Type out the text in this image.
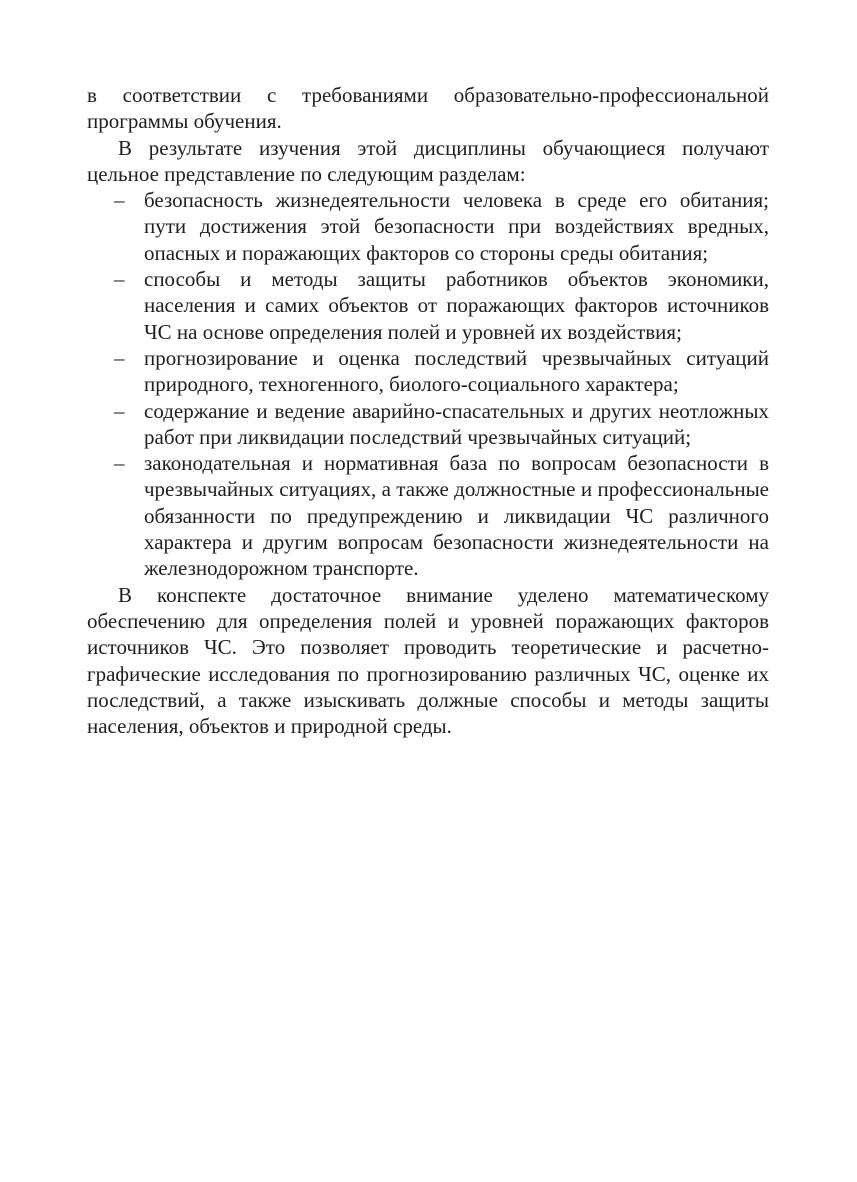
в соответствии с требованиями образовательно-профессиональной программы обучения.

В результате изучения этой дисциплины обучающиеся получают цельное представление по следующим разделам:

– безопасность жизнедеятельности человека в среде его обитания; пути достижения этой безопасности при воздействиях вредных, опасных и поражающих факторов со стороны среды обитания;
– способы и методы защиты работников объектов экономики, населения и самих объектов от поражающих факторов источников ЧС на основе определения полей и уровней их воздействия;
– прогнозирование и оценка последствий чрезвычайных ситуаций природного, техногенного, биолого-социального характера;
– содержание и ведение аварийно-спасательных и других неотложных работ при ликвидации последствий чрезвычайных ситуаций;
– законодательная и нормативная база по вопросам безопасности в чрезвычайных ситуациях, а также должностные и профессиональные обязанности по предупреждению и ликвидации ЧС различного характера и другим вопросам безопасности жизнедеятельности на железнодорожном транспорте.

В конспекте достаточное внимание уделено математическому обеспечению для определения полей и уровней поражающих факторов источников ЧС. Это позволяет проводить теоретические и расчетно-графические исследования по прогнозированию различных ЧС, оценке их последствий, а также изыскивать должные способы и методы защиты населения, объектов и природной среды.
